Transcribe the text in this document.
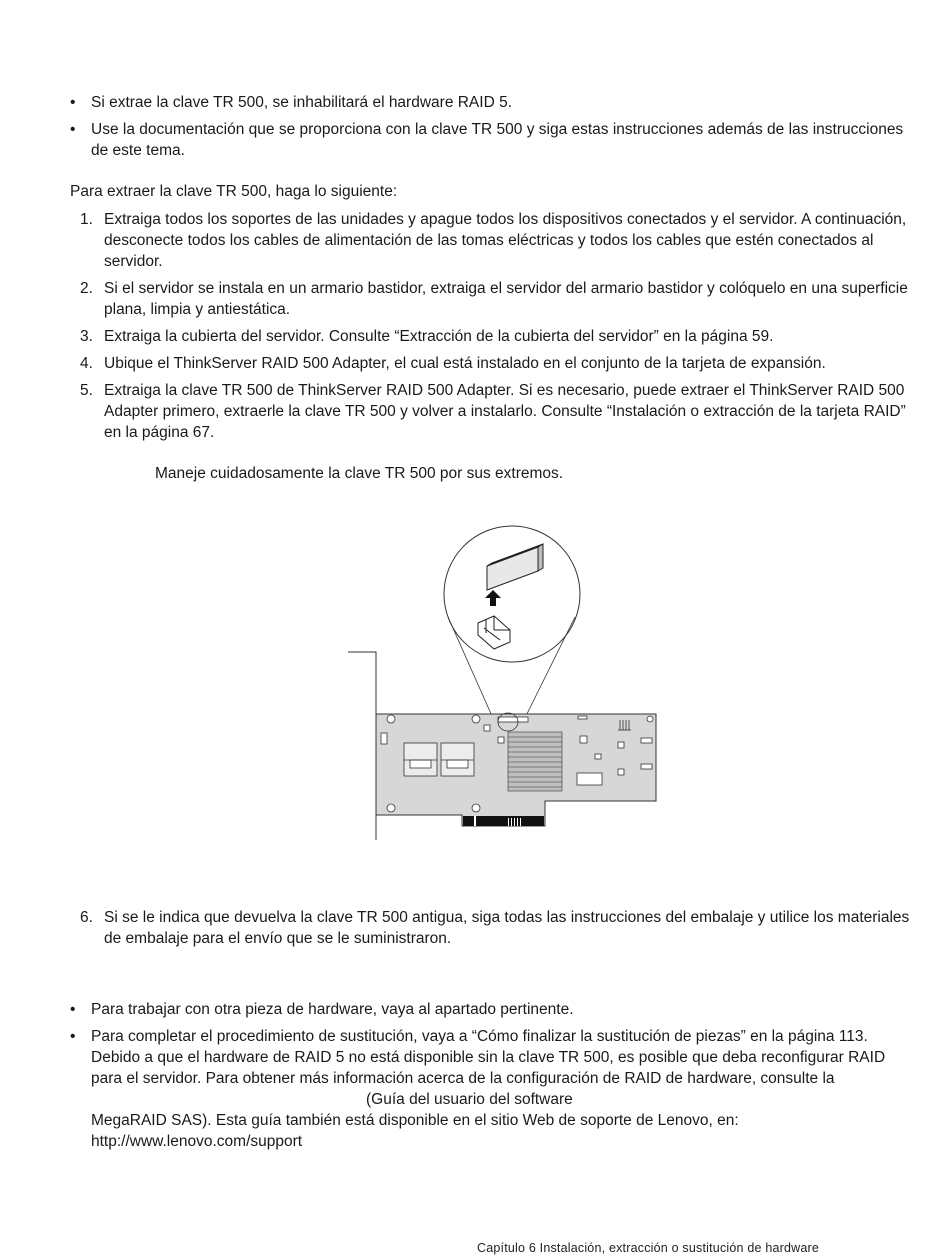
• Si extrae la clave TR 500, se inhabilitará el hardware RAID 5.
• Use la documentación que se proporciona con la clave TR 500 y siga estas instrucciones además de las instrucciones de este tema.
Para extraer la clave TR 500, haga lo siguiente:
1. Extraiga todos los soportes de las unidades y apague todos los dispositivos conectados y el servidor. A continuación, desconecte todos los cables de alimentación de las tomas eléctricas y todos los cables que estén conectados al servidor.
2. Si el servidor se instala en un armario bastidor, extraiga el servidor del armario bastidor y colóquelo en una superficie plana, limpia y antiestática.
3. Extraiga la cubierta del servidor. Consulte “Extracción de la cubierta del servidor” en la página 59.
4. Ubique el ThinkServer RAID 500 Adapter, el cual está instalado en el conjunto de la tarjeta de expansión.
5. Extraiga la clave TR 500 de ThinkServer RAID 500 Adapter. Si es necesario, puede extraer el ThinkServer RAID 500 Adapter primero, extraerle la clave TR 500 y volver a instalarlo. Consulte “Instalación o extracción de la tarjeta RAID” en la página 67.
Maneje cuidadosamente la clave TR 500 por sus extremos.
6. Si se le indica que devuelva la clave TR 500 antigua, siga todas las instrucciones del embalaje y utilice los materiales de embalaje para el envío que se le suministraron.
• Para trabajar con otra pieza de hardware, vaya al apartado pertinente.
• Para completar el procedimiento de sustitución, vaya a “Cómo finalizar la sustitución de piezas” en la página 113. Debido a que el hardware de RAID 5 no está disponible sin la clave TR 500, es posible que deba reconfigurar RAID para el servidor. Para obtener más información acerca de la configuración de RAID de hardware, consulte la (Guía del usuario del software
MegaRAID SAS). Esta guía también está disponible en el sitio Web de soporte de Lenovo, en:
http://www.lenovo.com/support
Capítulo 6 Instalación, extracción o sustitución de hardware
